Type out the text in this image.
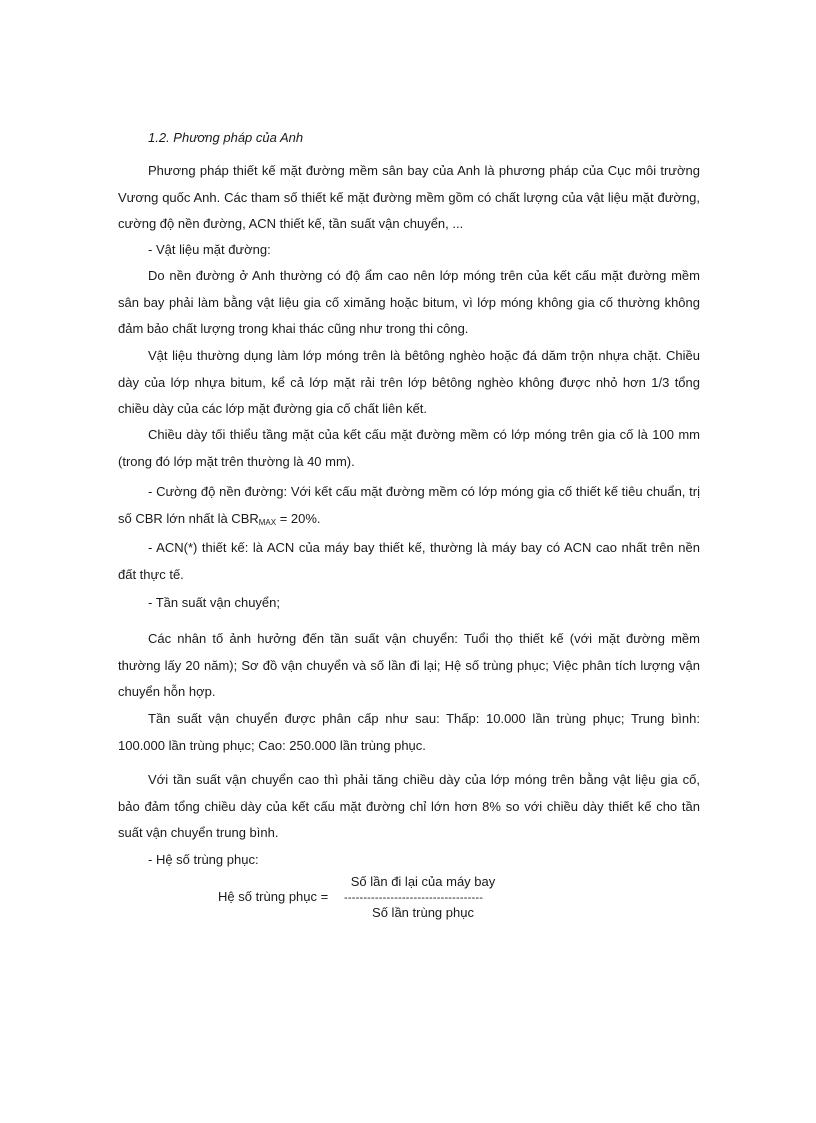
1.2. Phương pháp của Anh

Phương pháp thiết kế mặt đường mềm sân bay của Anh là phương pháp của Cục môi trường Vương quốc Anh. Các tham số thiết kế mặt đường mềm gồm có chất lượng của vật liệu mặt đường, cường độ nền đường, ACN thiết kế, tần suất vận chuyển, ...

- Vật liệu mặt đường:

Do nền đường ở Anh thường có độ ẩm cao nên lớp móng trên của kết cấu mặt đường mềm sân bay phải làm bằng vật liệu gia cố ximăng hoặc bitum, vì lớp móng không gia cố thường không đảm bảo chất lượng trong khai thác cũng như trong thi công.

Vật liệu thường dụng làm lớp móng trên là bêtông nghèo hoặc đá dăm trộn nhựa chặt. Chiều dày của lớp nhựa bitum, kể cả lớp mặt rải trên lớp bêtông nghèo không được nhỏ hơn 1/3 tổng chiều dày của các lớp mặt đường gia cố chất liên kết.

Chiều dày tối thiểu tầng mặt của kết cấu mặt đường mềm có lớp móng trên gia cố là 100 mm (trong đó lớp mặt trên thường là 40 mm).

- Cường độ nền đường: Với kết cấu mặt đường mềm có lớp móng gia cố thiết kế tiêu chuẩn, trị số CBR lớn nhất là $CBR_{MAX} = 20\%$.

- ACN(*) thiết kế: là ACN của máy bay thiết kế, thường là máy bay có ACN cao nhất trên nền đất thực tế.

- Tần suất vận chuyển;

Các nhân tố ảnh hưởng đến tần suất vận chuyển: Tuổi thọ thiết kế (với mặt đường mềm thường lấy 20 năm); Sơ đồ vận chuyển và số lần đi lại; Hệ số trùng phục; Việc phân tích lượng vận chuyển hỗn hợp.

Tần suất vận chuyển được phân cấp như sau: Thấp: 10.000 lần trùng phục; Trung bình: 100.000 lần trùng phục; Cao: 250.000 lần trùng phục.

Với tần suất vận chuyển cao thì phải tăng chiều dày của lớp móng trên bằng vật liệu gia cố, bảo đảm tổng chiều dày của kết cấu mặt đường chỉ lớn hơn 8% so với chiều dày thiết kế cho tần suất vận chuyển trung bình.

- Hệ số trùng phục:

Hệ số trùng phục =
Số lần đi lại của máy bay
------------------------------------
Số lần trùng phục
